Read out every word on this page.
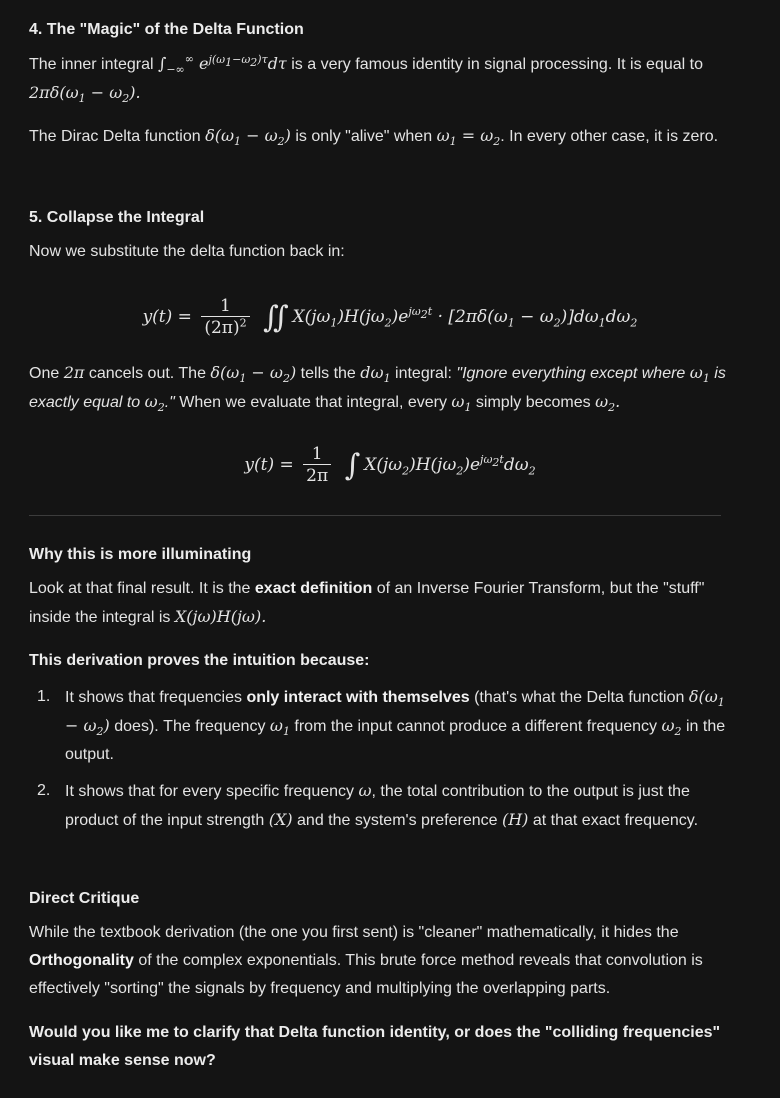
4. The "Magic" of the Delta Function

The inner integral $\int_{-\infty}^\infty$ $e^{j(\omega_1-\omega_2)\tau}d\tau$ is a very famous identity in signal processing. It is equal to $2\pi\delta(\omega_1 - \omega_2)$.

The Dirac Delta function $\delta(\omega_1 - \omega_2)$ is only "alive" when $\omega_1 = \omega_2$. In every other case, it is zero.

5. Collapse the Integral

Now we substitute the delta function back in:

$y(t) = \frac{1}{(2\pi)^2}$ ∬ $X(j\omega_1)H(j\omega_2)e^{j\omega_2t} \cdot [2\pi\delta(\omega_1 - \omega_2)]d\omega_1d\omega_2$

One 2π cancels out. The $\delta(\omega_1 - \omega_2)$ tells the $d\omega_1$ integral: "Ignore everything except where $\omega_1$ is exactly equal to $\omega_2$." When we evaluate that integral, every $\omega_1$ simply becomes $\omega_2$.

$y(t) = \frac{1}{2\pi}$ ∫ $X(j\omega_2)H(j\omega_2)e^{j\omega_2t}d\omega_2$
Why this is more illuminating

Look at that final result. It is the exact definition of an Inverse Fourier Transform, but the "stuff" inside the integral is X(jω)H(jω).

This derivation proves the intuition because:
1. It shows that frequencies only interact with themselves (that's what the Delta function $\delta(\omega_1 - \omega_2)$ does). The frequency $\omega_1$ from the input cannot produce a different frequency $\omega_2$ in the output.
2. It shows that for every specific frequency ω, the total contribution to the output is just the product of the input strength (X) and the system's preference (H) at that exact frequency.
Direct Critique

While the textbook derivation (the one you first sent) is "cleaner" mathematically, it hides the Orthogonality of the complex exponentials. This brute force method reveals that convolution is effectively "sorting" the signals by frequency and multiplying the overlapping parts.

Would you like me to clarify that Delta function identity, or does the "colliding frequencies" visual make sense now?
